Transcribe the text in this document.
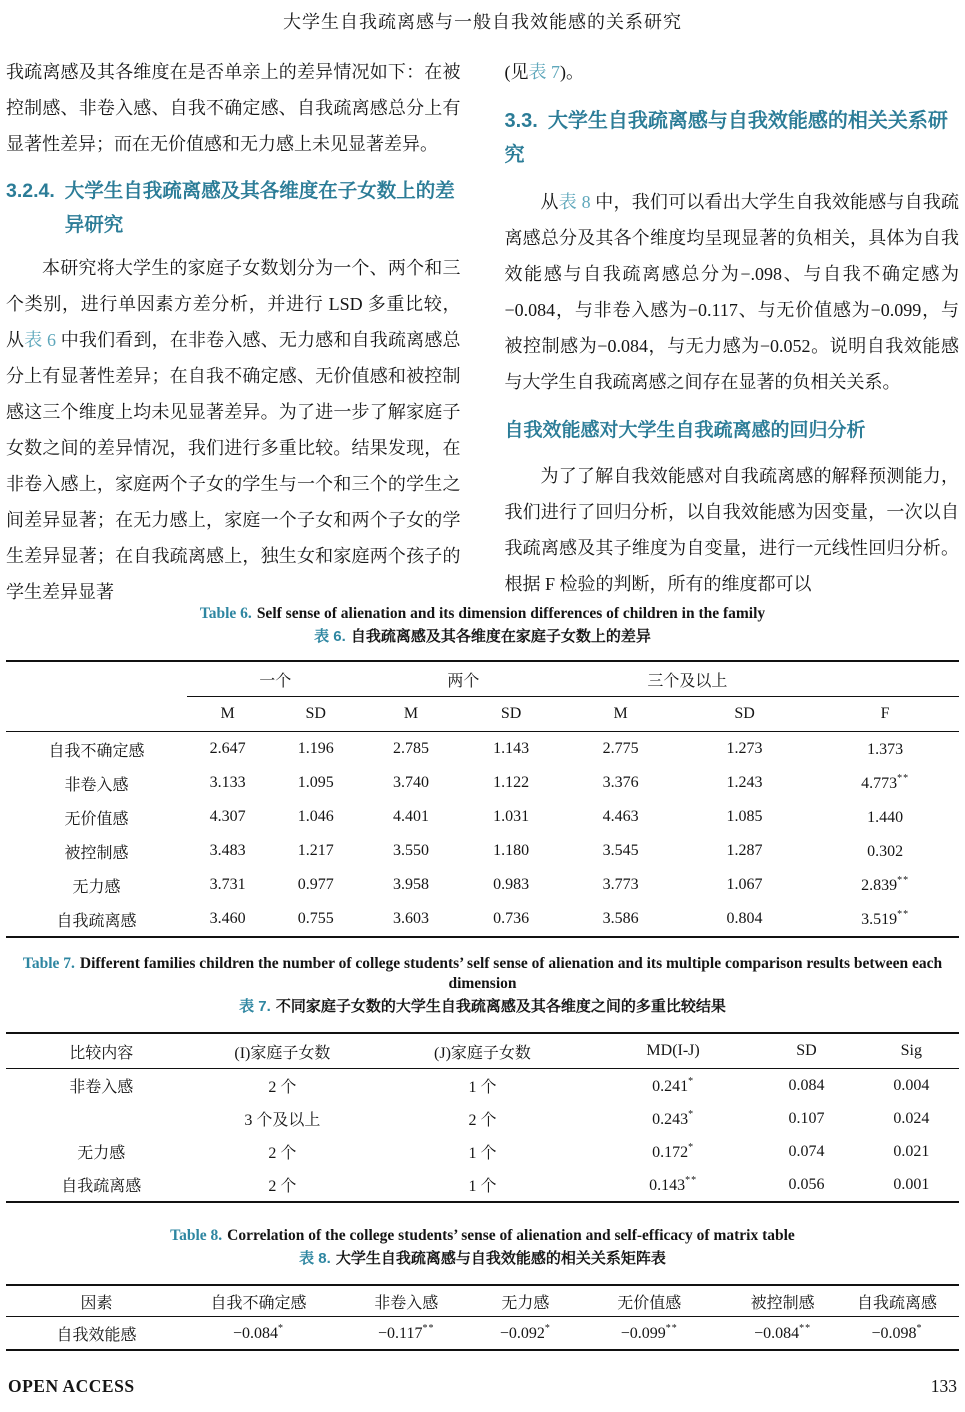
大学生自我疏离感与一般自我效能感的关系研究

我疏离感及其各维度在是否单亲上的差异情况如下：在被控制感、非卷入感、自我不确定感、自我疏离感总分上有显著性差异；而在无价值感和无力感上未见显著差异。

3.2.4. 大学生自我疏离感及其各维度在子女数上的差异研究

本研究将大学生的家庭子女数划分为一个、两个和三个类别，进行单因素方差分析，并进行 LSD 多重比较，从表 6 中我们看到，在非卷入感、无力感和自我疏离感总分上有显著性差异；在自我不确定感、无价值感和被控制感这三个维度上均未见显著差异。为了进一步了解家庭子女数之间的差异情况，我们进行多重比较。结果发现，在非卷入感上，家庭两个子女的学生与一个和三个的学生之间差异显著；在无力感上，家庭一个子女和两个子女的学生差异显著；在自我疏离感上，独生女和家庭两个孩子的学生差异显著

(见表 7)。

3.3. 大学生自我疏离感与自我效能感的相关关系研究

从表 8 中，我们可以看出大学生自我效能感与自我疏离感总分及其各个维度均呈现显著的负相关，具体为自我效能感与自我疏离感总分为−.098、与自我不确定感为−0.084，与非卷入感为−0.117、与无价值感为−0.099，与被控制感为−0.084，与无力感为−0.052。说明自我效能感与大学生自我疏离感之间存在显著的负相关关系。

自我效能感对大学生自我疏离感的回归分析

为了了解自我效能感对自我疏离感的解释预测能力，我们进行了回归分析，以自我效能感为因变量，一次以自我疏离感及其子维度为自变量，进行一元线性回归分析。根据 F 检验的判断，所有的维度都可以

Table 6. Self sense of alienation and its dimension differences of children in the family
表 6. 自我疏离感及其各维度在家庭子女数上的差异
	一个		两个		三个及以上		
	M	SD	M	SD	M	SD	F
自我不确定感	2.647	1.196	2.785	1.143	2.775	1.273	1.373
非卷入感	3.133	1.095	3.740	1.122	3.376	1.243	4.773**
无价值感	4.307	1.046	4.401	1.031	4.463	1.085	1.440
被控制感	3.483	1.217	3.550	1.180	3.545	1.287	0.302
无力感	3.731	0.977	3.958	0.983	3.773	1.067	2.839**
自我疏离感	3.460	0.755	3.603	0.736	3.586	0.804	3.519**
Table 7. Different families children the number of college students’ self sense of alienation and its multiple comparison results between each dimension
表 7. 不同家庭子女数的大学生自我疏离感及其各维度之间的多重比较结果
比较内容	(I)家庭子女数	(J)家庭子女数	MD(I-J)	SD	Sig
非卷入感	2 个	1 个	0.241*	0.084	0.004
	3 个及以上	2 个	0.243*	0.107	0.024
无力感	2 个	1 个	0.172*	0.074	0.021
自我疏离感	2 个	1 个	0.143**	0.056	0.001
Table 8. Correlation of the college students’ sense of alienation and self-efficacy of matrix table
表 8. 大学生自我疏离感与自我效能感的相关关系矩阵表
因素	自我不确定感	非卷入感	无力感	无价值感	被控制感	自我疏离感
自我效能感	−0.084*	−0.117**	−0.092*	−0.099**	−0.084**	−0.098*
OPEN ACCESS	133
